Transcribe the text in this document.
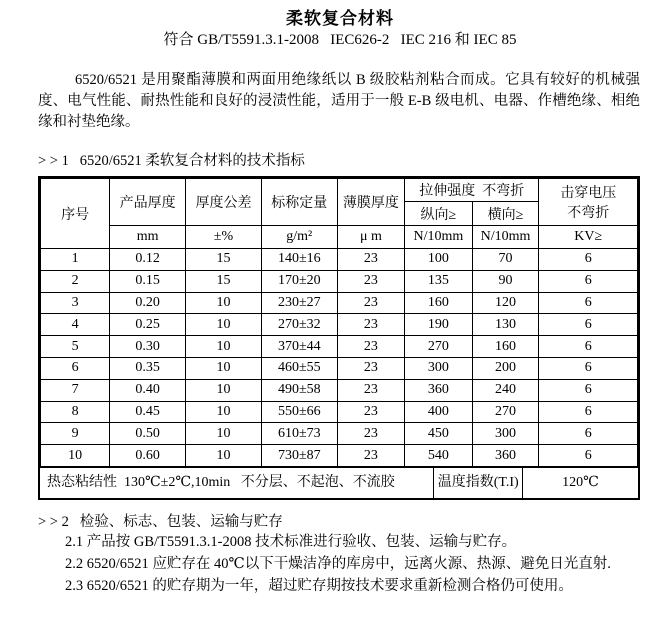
柔软复合材料

符合 GB/T5591.3.1-2008   IEC626-2   IEC 216 和 IEC 85

6520/6521 是用聚酯薄膜和两面用绝缘纸以 B 级胶粘剂粘合而成。它具有较好的机械强度、电气性能、耐热性能和良好的浸渍性能，适用于一般 E-B 级电机、电器、作槽绝缘、相绝缘和衬垫绝缘。

> > 1 6520/6521 柔软复合材料的技术指标

序号	产品厚度	厚度公差	标称定量	薄膜厚度	拉伸强度  不弯折		击穿电压
不弯折

					纵向≥	横向≥	
	mm	±%	g/m²	μ m	N/10mm	N/10mm	KV≥
1	0.12	15	140±16	23	100	70	6
2	0.15	15	170±20	23	135	90	6
3	0.20	10	230±27	23	160	120	6
4	0.25	10	270±32	23	190	130	6
5	0.30	10	370±44	23	270	160	6
6	0.35	10	460±55	23	300	200	6
7	0.40	10	490±58	23	360	240	6
8	0.45	10	550±66	23	400	270	6
9	0.50	10	610±73	23	450	300	6
10	0.60	10	730±87	23	540	360	6
热态粘结性  130℃±2℃,10min   不分层、不起泡、不流胶	温度指数(T.I)	120℃

> > 2 检验、标志、包装、运输与贮存

2.1 产品按 GB/T5591.3.1-2008 技术标准进行验收、包装、运输与贮存。

2.2 6520/6521 应贮存在 40℃以下干燥洁净的库房中，远离火源、热源、避免日光直射.

2.3 6520/6521 的贮存期为一年，超过贮存期按技术要求重新检测合格仍可使用。
